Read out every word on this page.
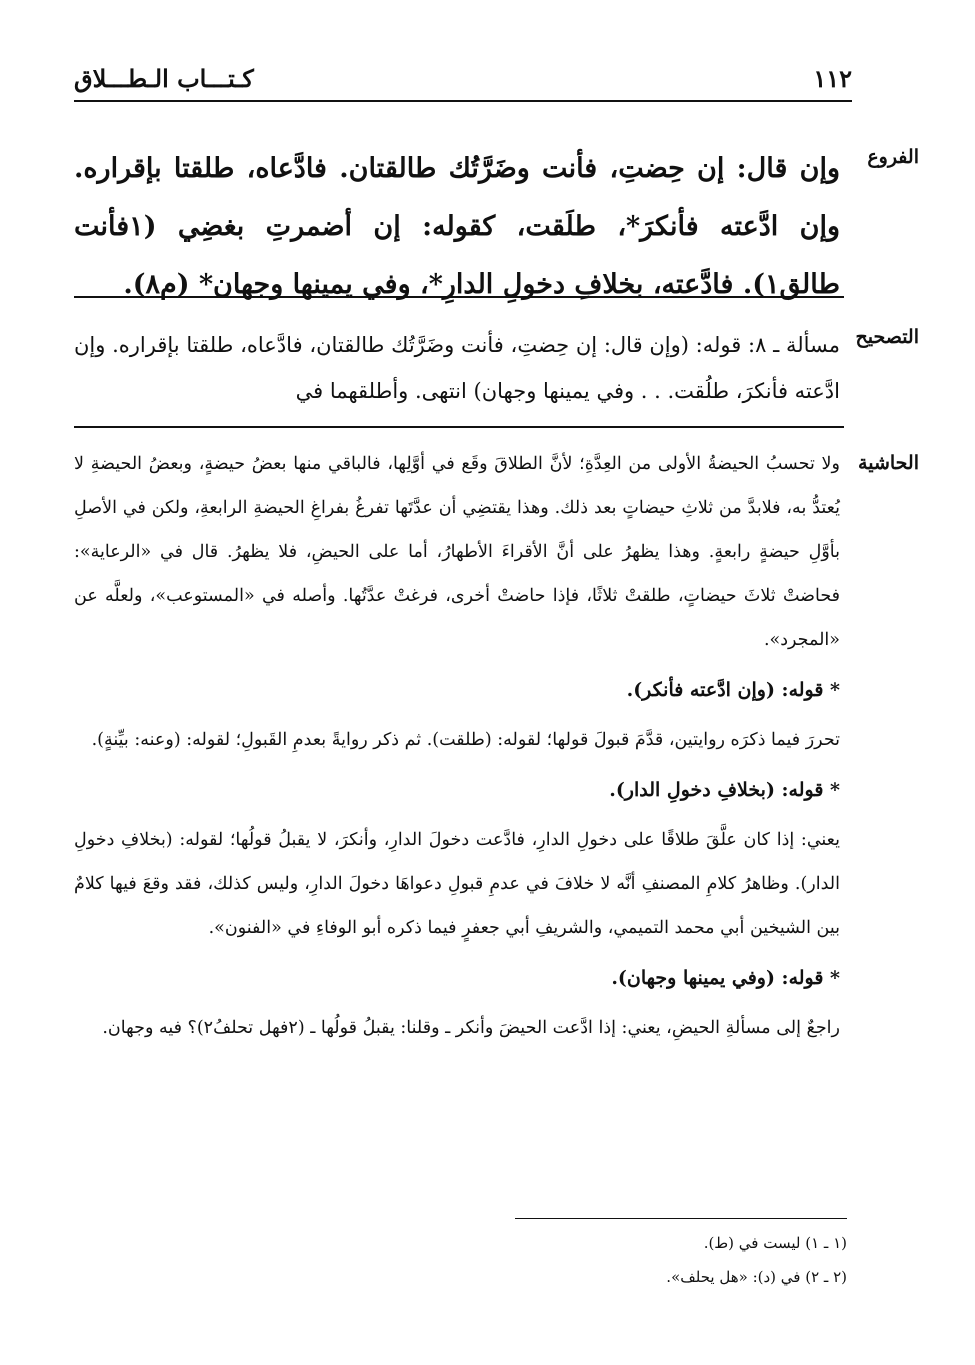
١١٢
كـتـــاب الـطـــلاق
الفروع
وإن قال: إن حِضتِ، فأنت وضَرَّتُك طالقتان. فادَّعاه، طلقتا بإقراره. وإن ادَّعته فأنكرَ*، طلَقت، كقوله: إن أضمرتِ بغضِي (١فأنت طالق١). فادَّعته، بخلافِ دخولِ الدارِ*، وفي يمينها وجهان* (م٨).
التصحيح
مسألة ـ ٨: قوله: (وإن قال: إن حِضتِ، فأنت وضَرَّتُك طالقتان، فادَّعاه، طلقتا بإقراره. وإن ادَّعته فأنكرَ، طلُقت. . . وفي يمينها وجهان) انتهى. وأطلقهما في
الحاشية

ولا تحسبُ الحيضةُ الأولى من العِدَّةِ؛ لأنَّ الطلاقَ وقَع في أوَّلِها، فالباقي منها بعضُ حيضةٍ، وبعضُ الحيضةِ لا يُعتدُّ به، فلابدَّ من ثلاثِ حيضاتٍ بعد ذلك. وهذا يقتضِي أن عدَّتَها تفرغُ بفراغِ الحيضةِ الرابعةِ، ولكن في الأصلِ بأوَّلِ حيضةٍ رابعةٍ. وهذا يظهرُ على أنَّ الأقراءَ الأطهارُ، أما على الحيضِ، فلا يظهرُ. قال في «الرعاية»: فحاضتْ ثلاثَ حيضاتٍ، طلقتْ ثلاثًا، فإذا حاضتْ أخرى، فرغتْ عدَّتُها. وأصله في «المستوعب»، ولعلَّه عن «المجرد».

* قوله: (وإن ادَّعته فأنكر).

تحررَ فيما ذكرَه روايتين، قدَّمَ قبولَ قولها؛ لقوله: (طلقت). ثم ذكر روايةً بعدمِ القَبولِ؛ لقوله: (وعنه: بيِّنةٍ).

* قوله: (بخلافِ دخولِ الدار).

يعني: إذا كان علَّقَ طلاقًا على دخولِ الدارِ، فادَّعت دخولَ الدارِ، وأنكرَ، لا يقبلُ قولُها؛ لقوله: (بخلافِ دخولِ الدار). وظاهرُ كلامِ المصنفِ أنَّه لا خلافَ في عدمِ قبولِ دعواهَا دخولَ الدارِ، وليس كذلك، فقد وقعَ فيها كلامٌ بين الشيخين أبي محمد التميمي، والشريفِ أبي جعفرٍ فيما ذكره أبو الوفاءِ في «الفنون».

* قوله: (وفي يمينها وجهان).

راجعٌ إلى مسألةِ الحيضِ، يعني: إذا ادَّعت الحيضَ وأنكر ـ وقلنا: يقبلُ قولُها ـ (٢فهل تحلفُ٢)؟ فيه وجهان.

(١ ـ ١) ليست في (ط).
(٢ ـ ٢) في (د): «هل يحلف».
